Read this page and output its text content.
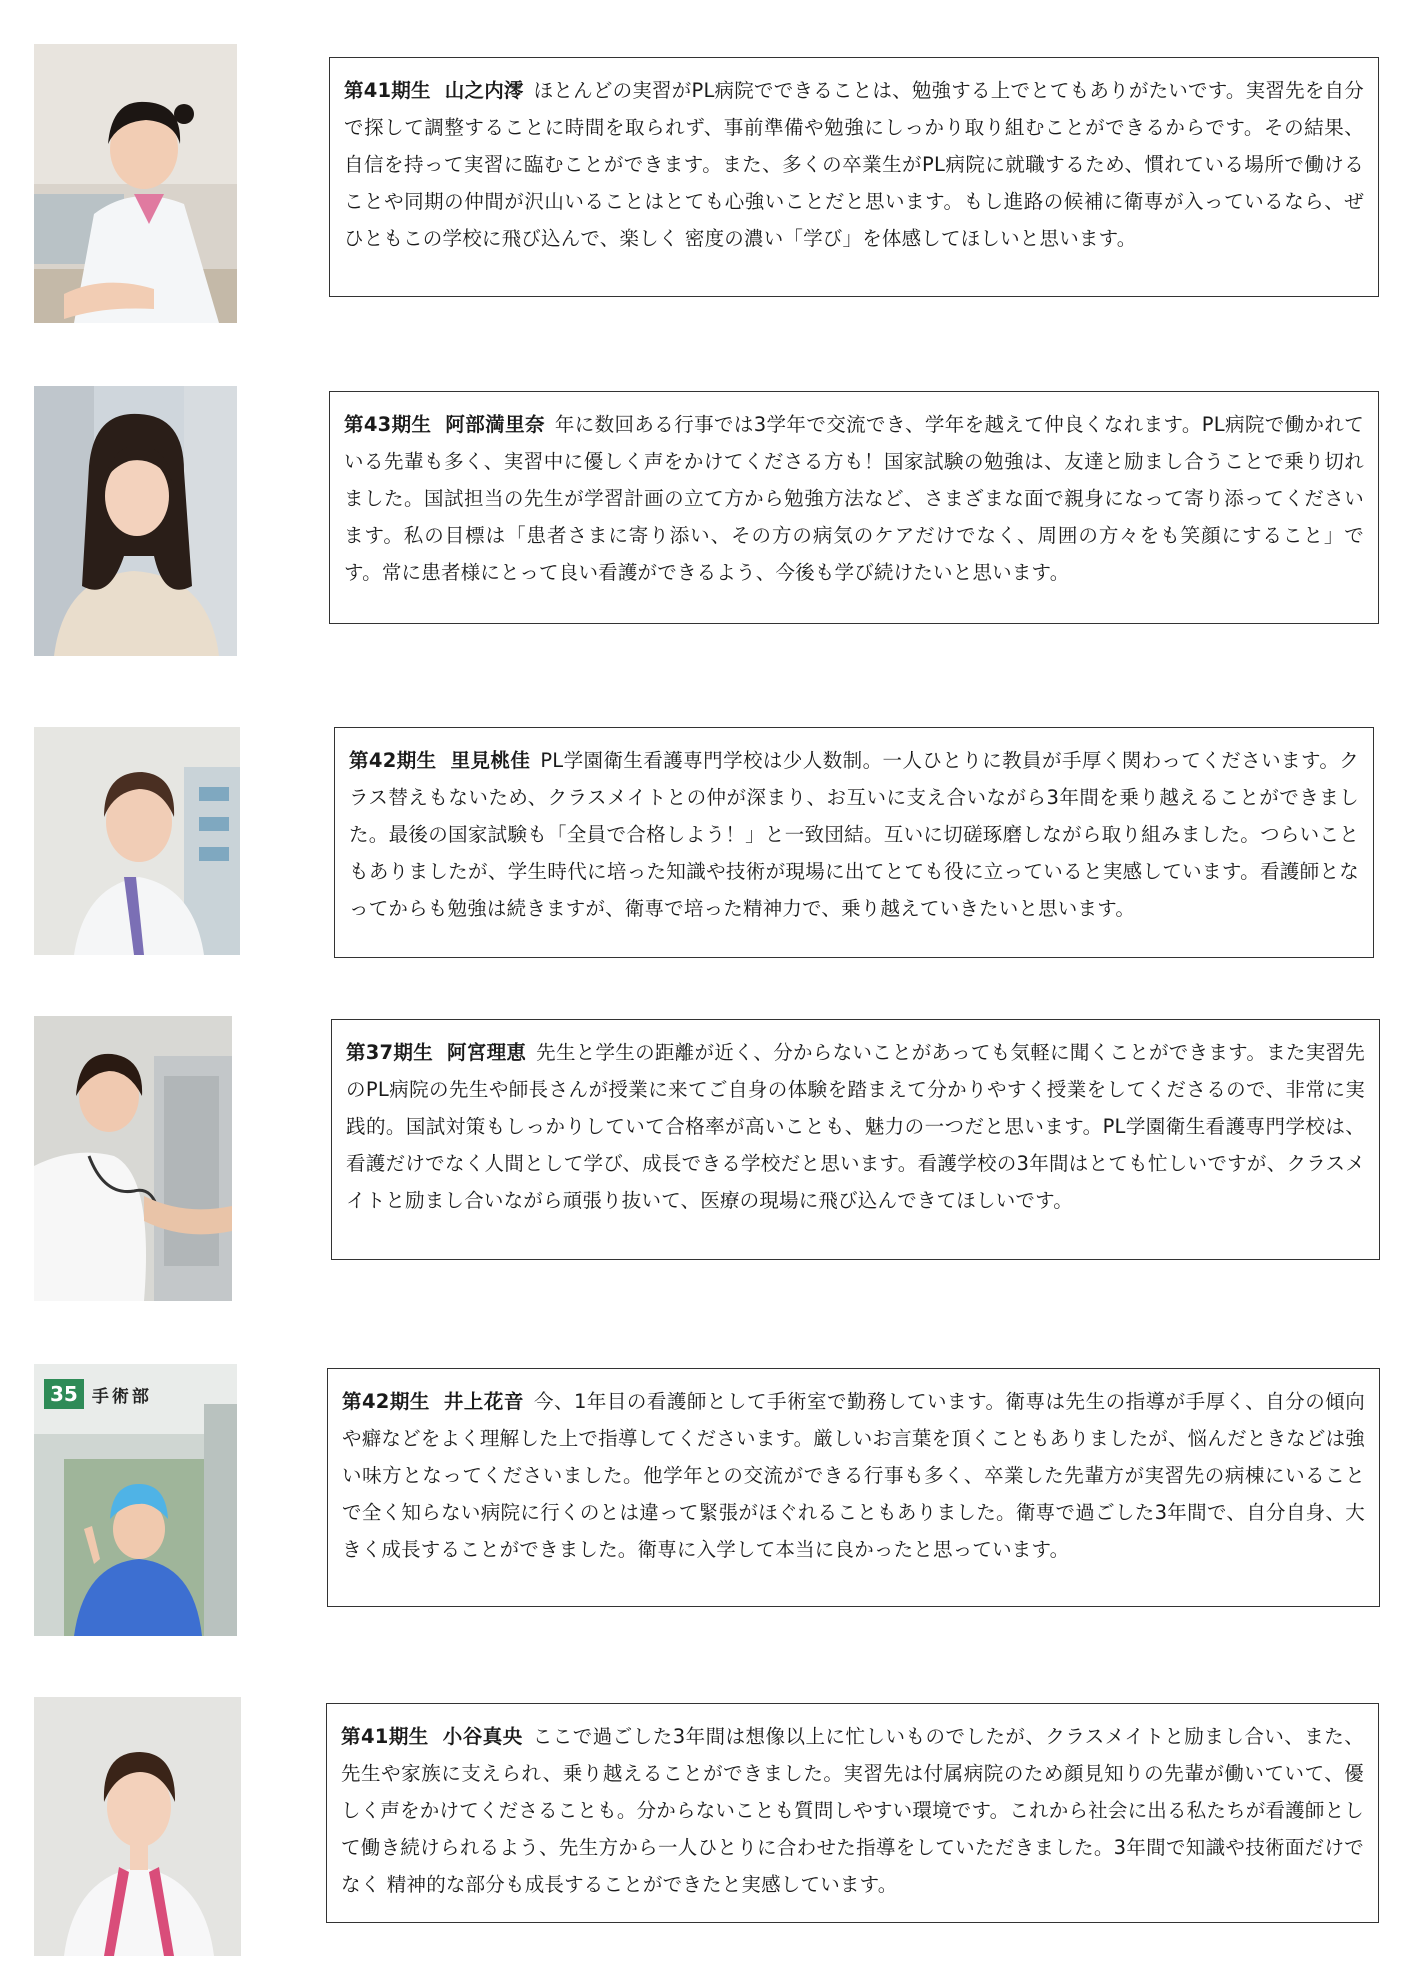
第41期生 山之内澪 ほとんどの実習がPL病院でできることは、勉強する上でとてもありがたいです。実習先を自分で探して調整することに時間を取られず、事前準備や勉強にしっかり取り組むことができるからです。その結果、自信を持って実習に臨むことができます。また、多くの卒業生がPL病院に就職するため、慣れている場所で働けることや同期の仲間が沢山いることはとても心強いことだと思います。もし進路の候補に衛専が入っているなら、ぜひともこの学校に飛び込んで、楽しく 密度の濃い「学び」を体感してほしいと思います。
第43期生 阿部満里奈 年に数回ある行事では3学年で交流でき、学年を越えて仲良くなれます。PL病院で働かれている先輩も多く、実習中に優しく声をかけてくださる方も！国家試験の勉強は、友達と励まし合うことで乗り切れました。国試担当の先生が学習計画の立て方から勉強方法など、さまざまな面で親身になって寄り添ってくださいます。私の目標は「患者さまに寄り添い、その方の病気のケアだけでなく、周囲の方々をも笑顔にすること」です。常に患者様にとって良い看護ができるよう、今後も学び続けたいと思います。
第42期生 里見桃佳 PL学園衛生看護専門学校は少人数制。一人ひとりに教員が手厚く関わってくださいます。クラス替えもないため、クラスメイトとの仲が深まり、お互いに支え合いながら3年間を乗り越えることができました。最後の国家試験も「全員で合格しよう！」と一致団結。互いに切磋琢磨しながら取り組みました。つらいこともありましたが、学生時代に培った知識や技術が現場に出てとても役に立っていると実感しています。看護師となってからも勉強は続きますが、衛専で培った精神力で、乗り越えていきたいと思います。
第37期生 阿宮理恵 先生と学生の距離が近く、分からないことがあっても気軽に聞くことができます。また実習先のPL病院の先生や師長さんが授業に来てご自身の体験を踏まえて分かりやすく授業をしてくださるので、非常に実践的。国試対策もしっかりしていて合格率が高いことも、魅力の一つだと思います。PL学園衛生看護専門学校は、看護だけでなく人間として学び、成長できる学校だと思います。看護学校の3年間はとても忙しいですが、クラスメイトと励まし合いながら頑張り抜いて、医療の現場に飛び込んできてほしいです。
35 手術部	第42期生 井上花音 今、1年目の看護師として手術室で勤務しています。衛専は先生の指導が手厚く、自分の傾向や癖などをよく理解した上で指導してくださいます。厳しいお言葉を頂くこともありましたが、悩んだときなどは強い味方となってくださいました。他学年との交流ができる行事も多く、卒業した先輩方が実習先の病棟にいることで全く知らない病院に行くのとは違って緊張がほぐれることもありました。衛専で過ごした3年間で、自分自身、大きく成長することができました。衛専に入学して本当に良かったと思っています。
第41期生 小谷真央 ここで過ごした3年間は想像以上に忙しいものでしたが、クラスメイトと励まし合い、また、先生や家族に支えられ、乗り越えることができました。実習先は付属病院のため顔見知りの先輩が働いていて、優しく声をかけてくださることも。分からないことも質問しやすい環境です。これから社会に出る私たちが看護師として働き続けられるよう、先生方から一人ひとりに合わせた指導をしていただきました。3年間で知識や技術面だけでなく 精神的な部分も成長することができたと実感しています。
